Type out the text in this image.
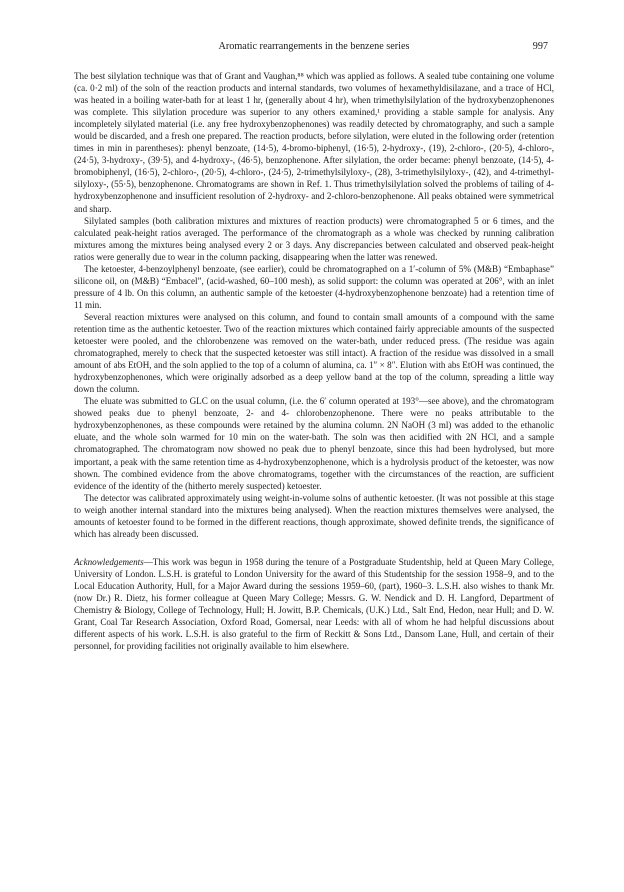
Aromatic rearrangements in the benzene series	997

The best silylation technique was that of Grant and Vaughan,⁸⁸ which was applied as follows. A sealed tube containing one volume (ca. 0·2 ml) of the soln of the reaction products and internal standards, two volumes of hexamethyldisilazane, and a trace of HCl, was heated in a boiling water-bath for at least 1 hr, (generally about 4 hr), when trimethylsilylation of the hydroxybenzophenones was complete. This silylation procedure was superior to any others examined,¹ providing a stable sample for analysis. Any incompletely silylated material (i.e. any free hydroxybenzophenones) was readily detected by chromatography, and such a sample would be discarded, and a fresh one prepared. The reaction products, before silylation, were eluted in the following order (retention times in min in parentheses): phenyl benzoate, (14·5), 4-bromo-biphenyl, (16·5), 2-hydroxy-, (19), 2-chloro-, (20·5), 4-chloro-, (24·5), 3-hydroxy-, (39·5), and 4-hydroxy-, (46·5), benzophenone. After silylation, the order became: phenyl benzoate, (14·5), 4-bromobiphenyl, (16·5), 2-chloro-, (20·5), 4-chloro-, (24·5), 2-trimethylsilyloxy-, (28), 3-trimethylsilyloxy-, (42), and 4-trimethyl-silyloxy-, (55·5), benzophenone. Chromatograms are shown in Ref. 1. Thus trimethylsilylation solved the problems of tailing of 4-hydroxybenzophenone and insufficient resolution of 2-hydroxy- and 2-chloro-benzophenone. All peaks obtained were symmetrical and sharp.

Silylated samples (both calibration mixtures and mixtures of reaction products) were chromatographed 5 or 6 times, and the calculated peak-height ratios averaged. The performance of the chromatograph as a whole was checked by running calibration mixtures among the mixtures being analysed every 2 or 3 days. Any discrepancies between calculated and observed peak-height ratios were generally due to wear in the column packing, disappearing when the latter was renewed.

The ketoester, 4-benzoylphenyl benzoate, (see earlier), could be chromatographed on a 1′-column of 5% (M&B) “Embaphase” silicone oil, on (M&B) “Embacel”, (acid-washed, 60–100 mesh), as solid support: the column was operated at 206°, with an inlet pressure of 4 lb. On this column, an authentic sample of the ketoester (4-hydroxybenzophenone benzoate) had a retention time of 11 min.

Several reaction mixtures were analysed on this column, and found to contain small amounts of a compound with the same retention time as the authentic ketoester. Two of the reaction mixtures which contained fairly appreciable amounts of the suspected ketoester were pooled, and the chlorobenzene was removed on the water-bath, under reduced press. (The residue was again chromatographed, merely to check that the suspected ketoester was still intact). A fraction of the residue was dissolved in a small amount of abs EtOH, and the soln applied to the top of a column of alumina, ca. 1″ × 8″. Elution with abs EtOH was continued, the hydroxybenzophenones, which were originally adsorbed as a deep yellow band at the top of the column, spreading a little way down the column.

The eluate was submitted to GLC on the usual column, (i.e. the 6′ column operated at 193°—see above), and the chromatogram showed peaks due to phenyl benzoate, 2- and 4- chlorobenzophenone. There were no peaks attributable to the hydroxybenzophenones, as these compounds were retained by the alumina column. 2N NaOH (3 ml) was added to the ethanolic eluate, and the whole soln warmed for 10 min on the water-bath. The soln was then acidified with 2N HCl, and a sample chromatographed. The chromatogram now showed no peak due to phenyl benzoate, since this had been hydrolysed, but more important, a peak with the same retention time as 4-hydroxybenzophenone, which is a hydrolysis product of the ketoester, was now shown. The combined evidence from the above chromatograms, together with the circumstances of the reaction, are sufficient evidence of the identity of the (hitherto merely suspected) ketoester.

The detector was calibrated approximately using weight-in-volume solns of authentic ketoester. (It was not possible at this stage to weigh another internal standard into the mixtures being analysed). When the reaction mixtures themselves were analysed, the amounts of ketoester found to be formed in the different reactions, though approximate, showed definite trends, the significance of which has already been discussed.

Acknowledgements—This work was begun in 1958 during the tenure of a Postgraduate Studentship, held at Queen Mary College, University of London. L.S.H. is grateful to London University for the award of this Studentship for the session 1958–9, and to the Local Education Authority, Hull, for a Major Award during the sessions 1959–60, (part), 1960–3. L.S.H. also wishes to thank Mr. (now Dr.) R. Dietz, his former colleague at Queen Mary College; Messrs. G. W. Nendick and D. H. Langford, Department of Chemistry & Biology, College of Technology, Hull; H. Jowitt, B.P. Chemicals, (U.K.) Ltd., Salt End, Hedon, near Hull; and D. W. Grant, Coal Tar Research Association, Oxford Road, Gomersal, near Leeds: with all of whom he had helpful discussions about different aspects of his work. L.S.H. is also grateful to the firm of Reckitt & Sons Ltd., Dansom Lane, Hull, and certain of their personnel, for providing facilities not originally available to him elsewhere.
